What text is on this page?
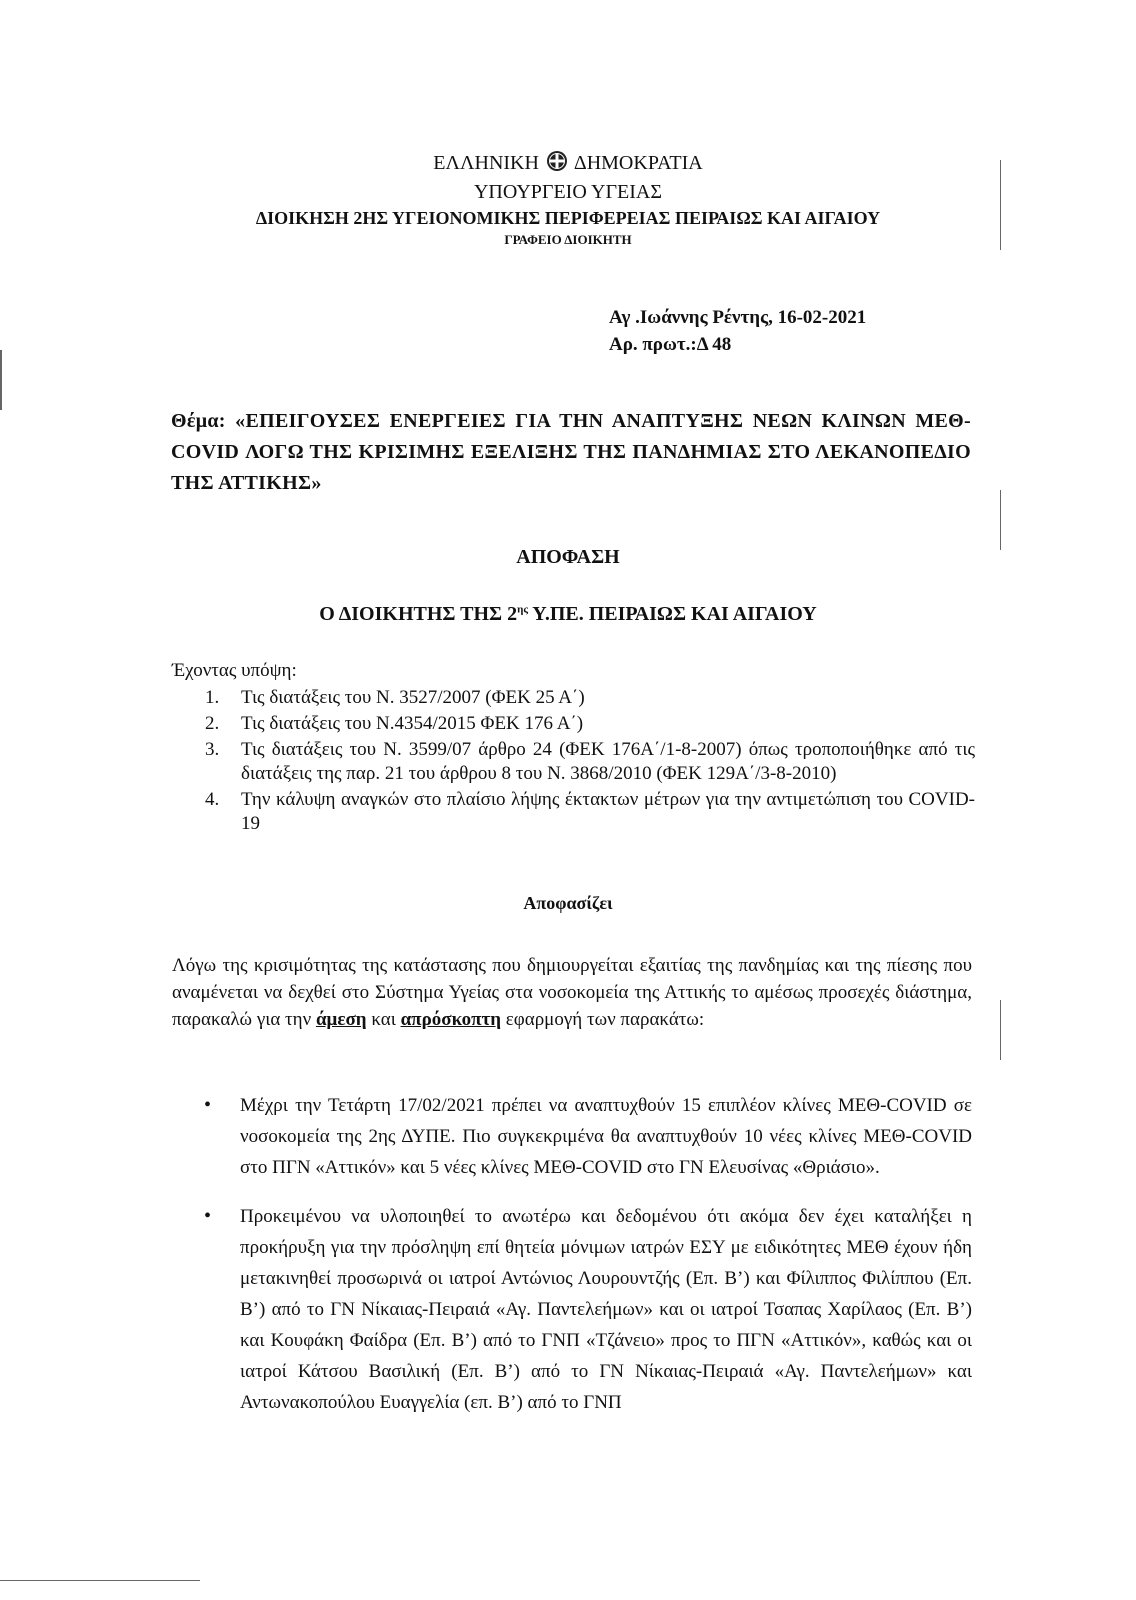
ΕΛΛΗΝΙΚΗ ΔΗΜΟΚΡΑΤΙΑ
ΥΠΟΥΡΓΕΙΟ ΥΓΕΙΑΣ
ΔΙΟΙΚΗΣΗ 2ΗΣ ΥΓΕΙΟΝΟΜΙΚΗΣ ΠΕΡΙΦΕΡΕΙΑΣ ΠΕΙΡΑΙΩΣ ΚΑΙ ΑΙΓΑΙΟΥ
ΓΡΑΦΕΙΟ ΔΙΟΙΚΗΤΗ
Αγ .Ιωάννης Ρέντης, 16-02-2021
Αρ. πρωτ.:Δ 48
Θέμα: «ΕΠΕΙΓΟΥΣΕΣ ΕΝΕΡΓΕΙΕΣ ΓΙΑ ΤΗΝ ΑΝΑΠΤΥΞΗΣ ΝΕΩΝ ΚΛΙΝΩΝ ΜΕΘ-COVID ΛΟΓΩ ΤΗΣ ΚΡΙΣΙΜΗΣ ΕΞΕΛΙΞΗΣ ΤΗΣ ΠΑΝΔΗΜΙΑΣ ΣΤΟ ΛΕΚΑΝΟΠΕΔΙΟ ΤΗΣ ΑΤΤΙΚΗΣ»
ΑΠΟΦΑΣΗ
Ο ΔΙΟΙΚΗΤΗΣ ΤΗΣ $2^{\eta\varsigma}$ Υ.ΠΕ. ΠΕΙΡΑΙΩΣ ΚΑΙ ΑΙΓΑΙΟΥ
Έχοντας υπόψη:
1.	Τις διατάξεις του Ν. 3527/2007 (ΦΕΚ 25 Α΄)
2.	Τις διατάξεις του Ν.4354/2015 ΦΕΚ 176 Α΄)
3.	Τις διατάξεις του Ν. 3599/07 άρθρο 24 (ΦΕΚ 176Α΄/1-8-2007) όπως τροποποιήθηκε από τις διατάξεις της παρ. 21 του άρθρου 8 του Ν. 3868/2010 (ΦΕΚ 129Α΄/3-8-2010)
4.	Την κάλυψη αναγκών στο πλαίσιο λήψης έκτακτων μέτρων για την αντιμετώπιση του COVID-19
Αποφασίζει
Λόγω της κρισιμότητας της κατάστασης που δημιουργείται εξαιτίας της πανδημίας και της πίεσης που αναμένεται να δεχθεί στο Σύστημα Υγείας στα νοσοκομεία της Αττικής το αμέσως προσεχές διάστημα, παρακαλώ για την άμεση και απρόσκοπτη εφαρμογή των παρακάτω:
•	Μέχρι την Τετάρτη 17/02/2021 πρέπει να αναπτυχθούν 15 επιπλέον κλίνες ΜΕΘ-COVID σε νοσοκομεία της 2ης ΔΥΠΕ. Πιο συγκεκριμένα θα αναπτυχθούν 10 νέες κλίνες ΜΕΘ-COVID στο ΠΓΝ «Αττικόν» και 5 νέες κλίνες ΜΕΘ-COVID στο ΓΝ Ελευσίνας «Θριάσιο».
•	Προκειμένου να υλοποιηθεί το ανωτέρω και δεδομένου ότι ακόμα δεν έχει καταλήξει η προκήρυξη για την πρόσληψη επί θητεία μόνιμων ιατρών ΕΣΥ με ειδικότητες ΜΕΘ έχουν ήδη μετακινηθεί προσωρινά οι ιατροί Αντώνιος Λουρουντζής (Επ. Β’) και Φίλιππος Φιλίππου (Επ. Β’) από το ΓΝ Νίκαιας-Πειραιά «Αγ. Παντελεήμων» και οι ιατροί Τσαπας Χαρίλαος (Επ. Β’) και Κουφάκη Φαίδρα (Επ. Β’) από το ΓΝΠ «Τζάνειο» προς το ΠΓΝ «Αττικόν», καθώς και οι ιατροί Κάτσου Βασιλική (Επ. Β’) από το ΓΝ Νίκαιας-Πειραιά «Αγ. Παντελεήμων» και Αντωνακοπούλου Ευαγγελία (επ. Β’) από το ΓΝΠ
